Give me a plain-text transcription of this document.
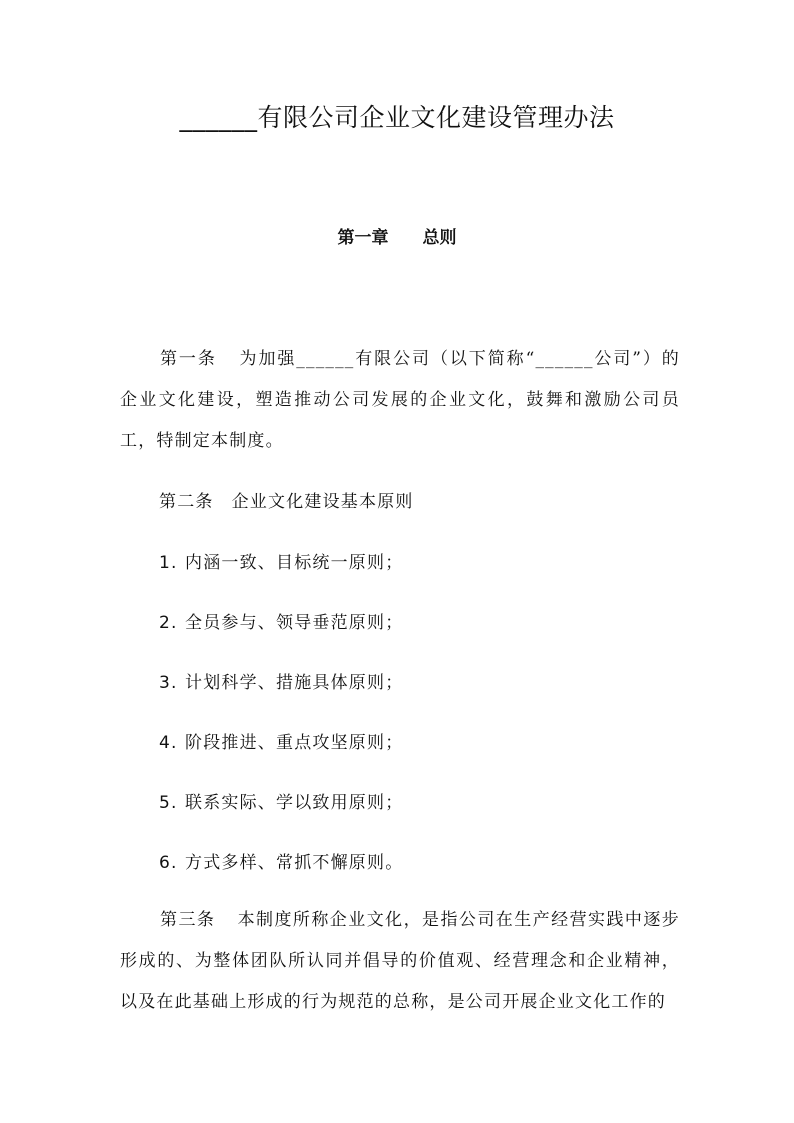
______有限公司企业文化建设管理办法
第一章 总则
第一条 为加强______有限公司（以下简称“______公司”）的企业文化建设，塑造推动公司发展的企业文化，鼓舞和激励公司员工，特制定本制度。
第二条 企业文化建设基本原则
1. 内涵一致、目标统一原则；
2. 全员参与、领导垂范原则；
3. 计划科学、措施具体原则；
4. 阶段推进、重点攻坚原则；
5. 联系实际、学以致用原则；
6. 方式多样、常抓不懈原则。
第三条 本制度所称企业文化，是指公司在生产经营实践中逐步形成的、为整体团队所认同并倡导的价值观、经营理念和企业精神，以及在此基础上形成的行为规范的总称，是公司开展企业文化工作的
